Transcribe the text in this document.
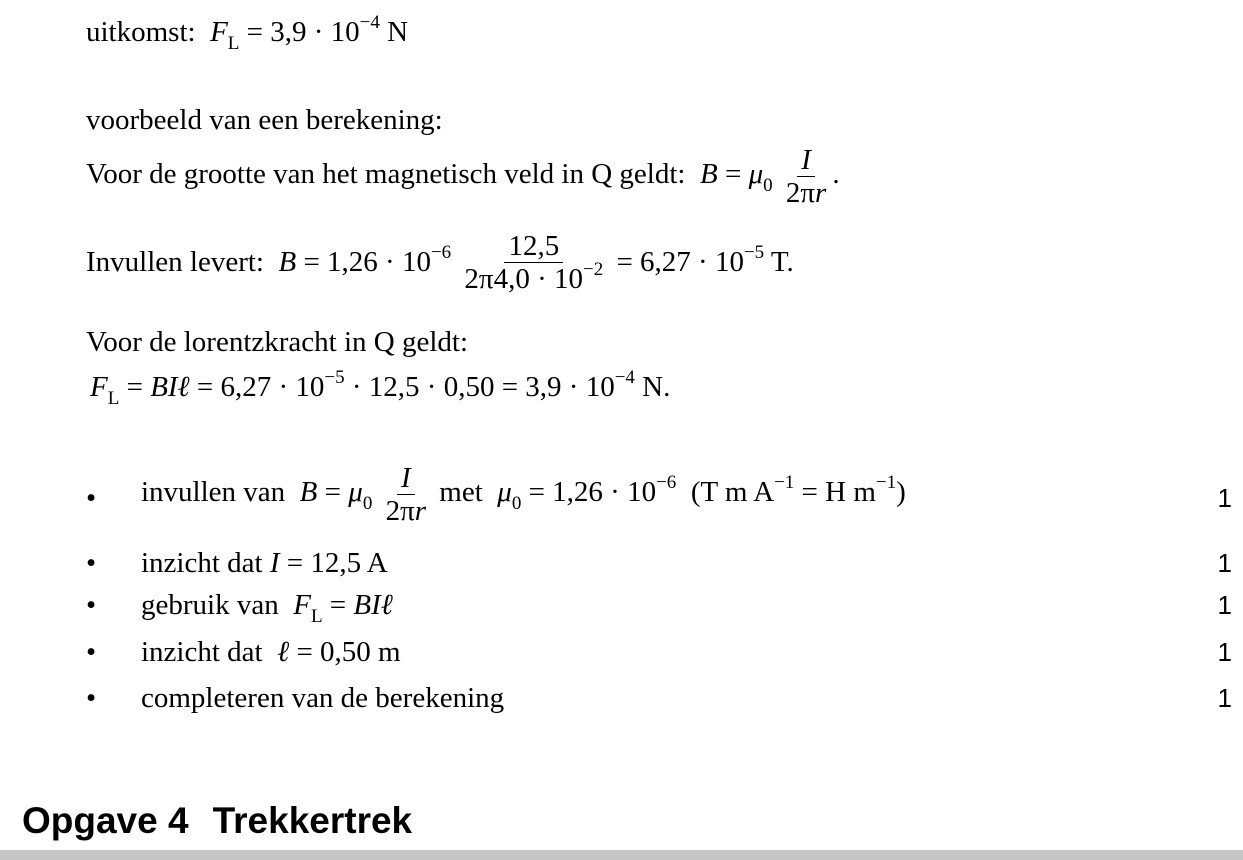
uitkomst: $F_L = 3,9 \cdot 10^{-4}$ N
voorbeeld van een berekening:
Voor de grootte van het magnetisch veld in Q geldt: $B = \mu_0 \frac{I}{2\pi r}$ .
Invullen levert: $B = 1,26 \cdot 10^{-6} \frac{12,5}{2\pi 4,0 \cdot 10^{-2}} = 6,27 \cdot 10^{-5}$ T.
Voor de lorentzkracht in Q geldt:
$F_L$ = BIℓ = $6,27 \cdot 10^{-5} \cdot 12,5 \cdot 0,50 = 3,9 \cdot 10^{-4}$ N.
• invullen van $B = \mu_0 \frac{I}{2\pi r}$ met $\mu_0 = 1,26 \cdot 10^{-6}$ (T m $A^{-1} = H$ $m^{-1}$)	1
• inzicht dat I = 12,5 A	1
• gebruik van $F_L$ = BIℓ	1
• inzicht dat ℓ = 0,50 m	1
• completeren van de berekening	1
Opgave 4 Trekkertrek
